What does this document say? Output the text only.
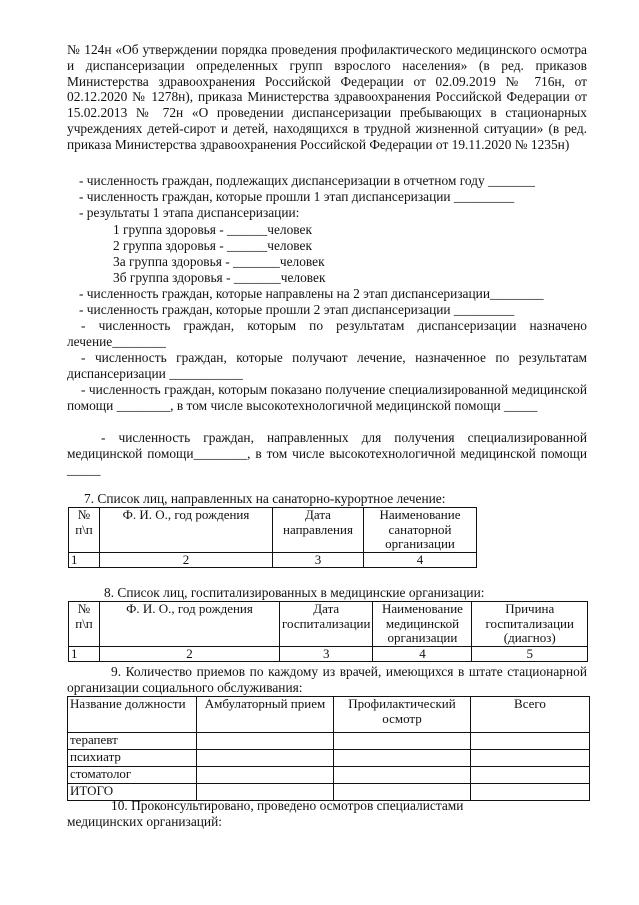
№ 124н «Об утверждении порядка проведения профилактического медицинского осмотра и диспансеризации определенных групп взрослого населения» (в ред. приказов Министерства здравоохранения Российской Федерации от 02.09.2019 № 716н, от 02.12.2020 № 1278н), приказа Министерства здравоохранения Российской Федерации от 15.02.2013 № 72н «О проведении диспансеризации пребывающих в стационарных учреждениях детей-сирот и детей, находящихся в трудной жизненной ситуации» (в ред. приказа Министерства здравоохранения Российской Федерации от 19.11.2020 № 1235н)
- численность граждан, подлежащих диспансеризации в отчетном году _______
- численность граждан, которые прошли 1 этап диспансеризации _________
- результаты 1 этапа диспансеризации:
1 группа здоровья - ______человек
2 группа здоровья - ______человек
3а группа здоровья - _______человек
3б группа здоровья - _______человек
- численность граждан, которые направлены на 2 этап диспансеризации________
- численность граждан, которые прошли 2 этап диспансеризации _________
- численность граждан, которым по результатам диспансеризации назначено лечение________
- численность граждан, которые получают лечение, назначенное по результатам диспансеризации ___________
- численность граждан, которым показано получение специализированной медицинской помощи ________, в том числе высокотехнологичной медицинской помощи _____
- численность граждан, направленных для получения специализированной медицинской помощи________, в том числе высокотехнологичной медицинской помощи _____
7. Список лиц, направленных на санаторно-курортное лечение:
№ п\п	Ф. И. О., год рождения	Дата направления	Наименование санаторной организации
1	2	3	4
8. Список лиц, госпитализированных в медицинские организации:
№ п\п	Ф. И. О., год рождения	Дата госпитализации	Наименование медицинской организации	Причина госпитализации (диагноз)
1	2	3	4	5
9. Количество приемов по каждому из врачей, имеющихся в штате стационарной организации социального обслуживания:
Название должности	Амбулаторный прием	Профилактический осмотр	Всего
терапевт			
психиатр			
стоматолог			
ИТОГО			
10. Проконсультировано, проведено осмотров специалистами медицинских организаций:
